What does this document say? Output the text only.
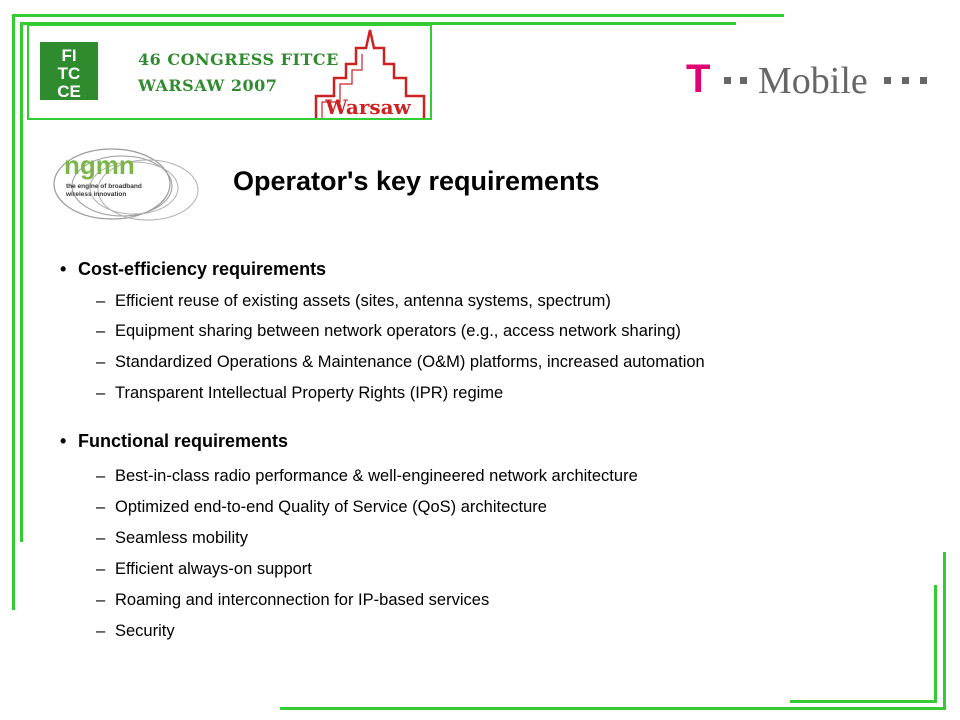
FI
TC
CE
46 CONGRESS FITCE
WARSAW 2007
Warsaw
T Mobile
ngmn
the engine of broadband
wireless innovation	Operator's key requirements
• Cost-efficiency requirements
– Efficient reuse of existing assets (sites, antenna systems, spectrum)
– Equipment sharing between network operators (e.g., access network sharing)
– Standardized Operations & Maintenance (O&M) platforms, increased automation
– Transparent Intellectual Property Rights (IPR) regime
• Functional requirements
– Best-in-class radio performance & well-engineered network architecture
– Optimized end-to-end Quality of Service (QoS) architecture
– Seamless mobility
– Efficient always-on support
– Roaming and interconnection for IP-based services
– Security
